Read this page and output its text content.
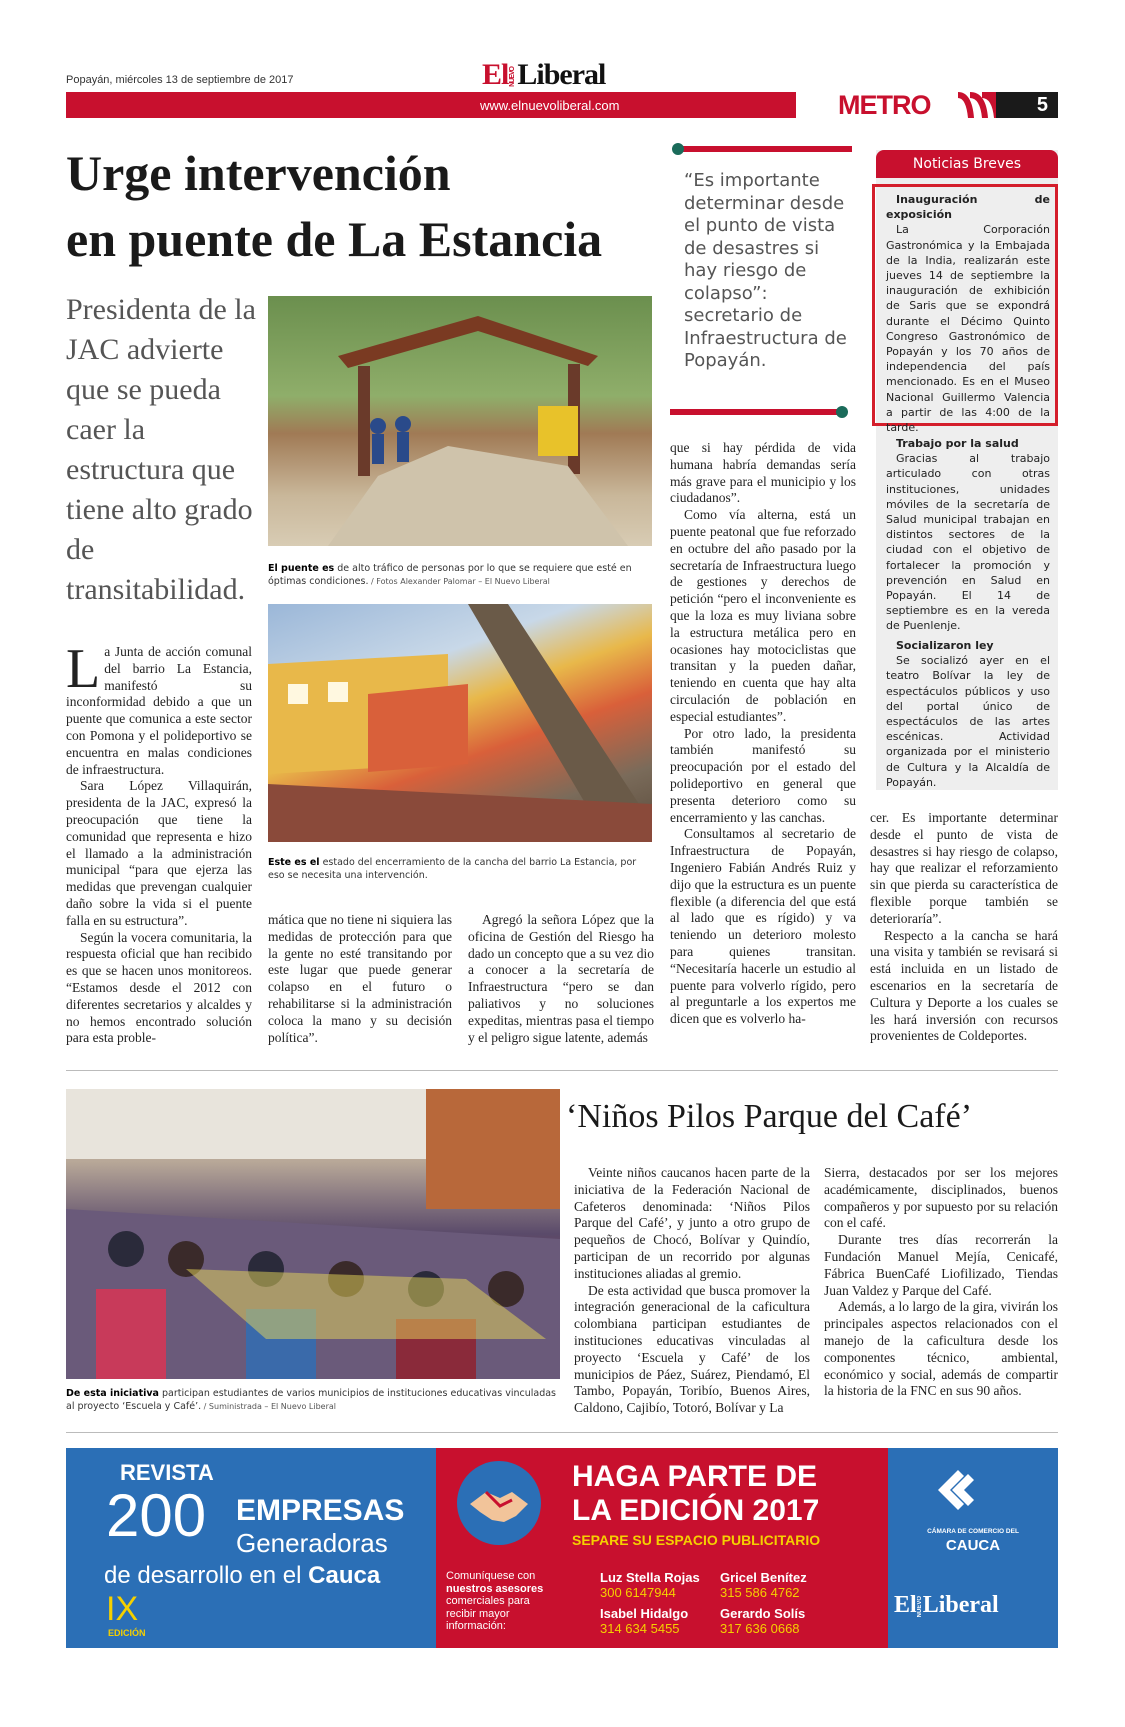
Popayán, miércoles 13 de septiembre de 2017	ElNUEVOLiberal
www.elnuevoliberal.com	METRO	5
Urge intervención
en puente de La Estancia
Presidenta de la JAC advierte que se pueda caer la estructura que tiene alto grado de transitabilidad.
El puente es de alto tráfico de personas por lo que se requiere que esté en óptimas condiciones. / Fotos Alexander Palomar – El Nuevo Liberal
Este es el estado del encerramiento de la cancha del barrio La Estancia, por eso se necesita una intervención.

La Junta de acción comunal del barrio La Estancia, manifestó su inconformidad debido a que un puente que comunica a este sector con Pomona y el polideportivo se encuentra en malas condiciones de infraestructura.

Sara López Villaquirán, presidenta de la JAC, expresó la preocupación que tiene la comunidad que representa e hizo el llamado a la administración municipal “para que ejerza las medidas que prevengan cualquier daño sobre la vida si el puente falla en su estructura”.

Según la vocera comunitaria, la respuesta oficial que han recibido es que se hacen unos monitoreos. “Estamos desde el 2012 con diferentes secretarios y alcaldes y no hemos encontrado solución para esta proble-

mática que no tiene ni siquiera las medidas de protección para que la gente no esté transitando por este lugar que puede generar colapso en el futuro o rehabilitarse si la administración coloca la mano y su decisión política”.

Agregó la señora López que la oficina de Gestión del Riesgo ha dado un concepto que a su vez dio a conocer a la secretaría de Infraestructura “pero se dan paliativos y no soluciones expeditas, mientras pasa el tiempo y el peligro sigue latente, además

“Es importante determinar desde el punto de vista de desastres si hay riesgo de colapso”: secretario de Infraestructura de Popayán.

que si hay pérdida de vida humana habría demandas sería más grave para el municipio y los ciudadanos”.

Como vía alterna, está un puente peatonal que fue reforzado en octubre del año pasado por la secretaría de Infraestructura luego de gestiones y derechos de petición “pero el inconveniente es que la loza es muy liviana sobre la estructura metálica pero en ocasiones hay motociclistas que transitan y la pueden dañar, teniendo en cuenta que hay alta circulación de población en especial estudiantes”.

Por otro lado, la presidenta también manifestó su preocupación por el estado del polideportivo en general que presenta deterioro como su encerramiento y las canchas.

Consultamos al secretario de Infraestructura de Popayán, Ingeniero Fabián Andrés Ruiz y dijo que la estructura es un puente flexible (a diferencia del que está al lado que es rígido) y va teniendo un deterioro molesto para quienes transitan. “Necesitaría hacerle un estudio al puente para volverlo rígido, pero al preguntarle a los expertos me dicen que es volverlo ha-

cer. Es importante determinar desde el punto de vista de desastres si hay riesgo de colapso, hay que realizar el reforzamiento sin que pierda su característica de flexible porque también se deterioraría”.

Respecto a la cancha se hará una visita y también se revisará si está incluida en un listado de escenarios en la secretaría de Cultura y Deporte a los cuales se les hará inversión con recursos provenientes de Coldeportes.

Noticias Breves
Inauguración de exposición

La Corporación Gastronómica y la Embajada de la India, realizarán este jueves 14 de septiembre la inauguración de exhibición de Saris que se expondrá durante el Décimo Quinto Congreso Gastronómico de Popayán y los 70 años de independencia del país mencionado. Es en el Museo Nacional Guillermo Valencia a partir de las 4:00 de la tarde.

Trabajo por la salud

Gracias al trabajo articulado con otras instituciones, unidades móviles de la secretaría de Salud municipal trabajan en distintos sectores de la ciudad con el objetivo de fortalecer la promoción y prevención en Salud en Popayán. El 14 de septiembre es en la vereda de Puenlenje.

Socializaron ley

Se socializó ayer en el teatro Bolívar la ley de espectáculos públicos y uso del portal único de espectáculos de las artes escénicas. Actividad organizada por el ministerio de Cultura y la Alcaldía de Popayán.

De esta iniciativa participan estudiantes de varios municipios de instituciones educativas vinculadas al proyecto ‘Escuela y Café’. / Suministrada – El Nuevo Liberal
‘Niños Pilos Parque del Café’

Veinte niños caucanos hacen parte de la iniciativa de la Federación Nacional de Cafeteros denominada: ‘Niños Pilos Parque del Café’, y junto a otro grupo de pequeños de Chocó, Bolívar y Quindío, participan de un recorrido por algunas instituciones aliadas al gremio.

De esta actividad que busca promover la integración generacional de la caficultura colombiana participan estudiantes de instituciones educativas vinculadas al proyecto ‘Escuela y Café’ de los municipios de Páez, Suárez, Piendamó, El Tambo, Popayán, Toribío, Buenos Aires, Caldono, Cajibío, Totoró, Bolívar y La

Sierra, destacados por ser los mejores académicamente, disciplinados, buenos compañeros y por supuesto por su relación con el café.

Durante tres días recorrerán la Fundación Manuel Mejía, Cenicafé, Fábrica BuenCafé Liofilizado, Tiendas Juan Valdez y Parque del Café.

Además, a lo largo de la gira, vivirán los principales aspectos relacionados con el manejo de la caficultura desde los componentes técnico, ambiental, económico y social, además de compartir la historia de la FNC en sus 90 años.

REVISTA
200 EMPRESAS
Generadoras
de desarrollo en el Cauca
IX
EDICIÓN
HAGA PARTE DE
LA EDICIÓN 2017
SEPARE SU ESPACIO PUBLICITARIO
Comuníquese con
nuestros asesores
comerciales para
recibir mayor
información:
Luz Stella Rojas
300 6147944
Gricel Benítez
315 586 4762
Isabel Hidalgo
314 634 5455
Gerardo Solís
317 636 0668
CÁMARA DE COMERCIO DEL
CAUCA
ElNUEVOLiberal
